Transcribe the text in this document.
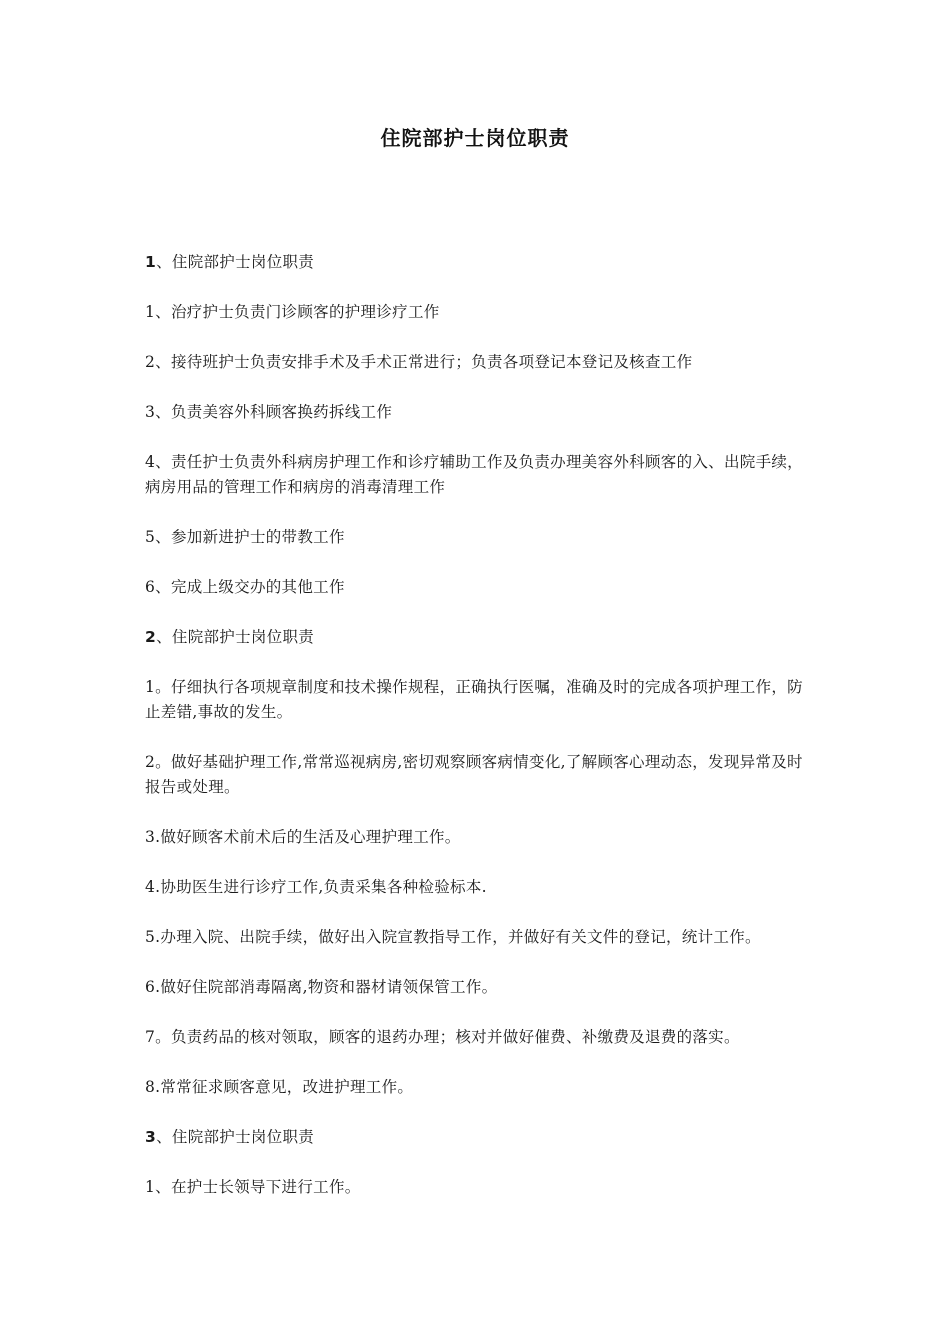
住院部护士岗位职责

1、住院部护士岗位职责

1、治疗护士负责门诊顾客的护理诊疗工作

2、接待班护士负责安排手术及手术正常进行；负责各项登记本登记及核查工作

3、负责美容外科顾客换药拆线工作

4、责任护士负责外科病房护理工作和诊疗辅助工作及负责办理美容外科顾客的入、出院手续，病房用品的管理工作和病房的消毒清理工作

5、参加新进护士的带教工作

6、完成上级交办的其他工作

2、住院部护士岗位职责

1。仔细执行各项规章制度和技术操作规程，正确执行医嘱，准确及时的完成各项护理工作，防止差错,事故的发生。

2。做好基础护理工作,常常巡视病房,密切观察顾客病情变化,了解顾客心理动态，发现异常及时报告或处理。

3.做好顾客术前术后的生活及心理护理工作。

4.协助医生进行诊疗工作,负责采集各种检验标本.

5.办理入院、出院手续，做好出入院宣教指导工作，并做好有关文件的登记，统计工作。

6.做好住院部消毒隔离,物资和器材请领保管工作。

7。负责药品的核对领取，顾客的退药办理；核对并做好催费、补缴费及退费的落实。

8.常常征求顾客意见，改进护理工作。

3、住院部护士岗位职责

1、在护士长领导下进行工作。
